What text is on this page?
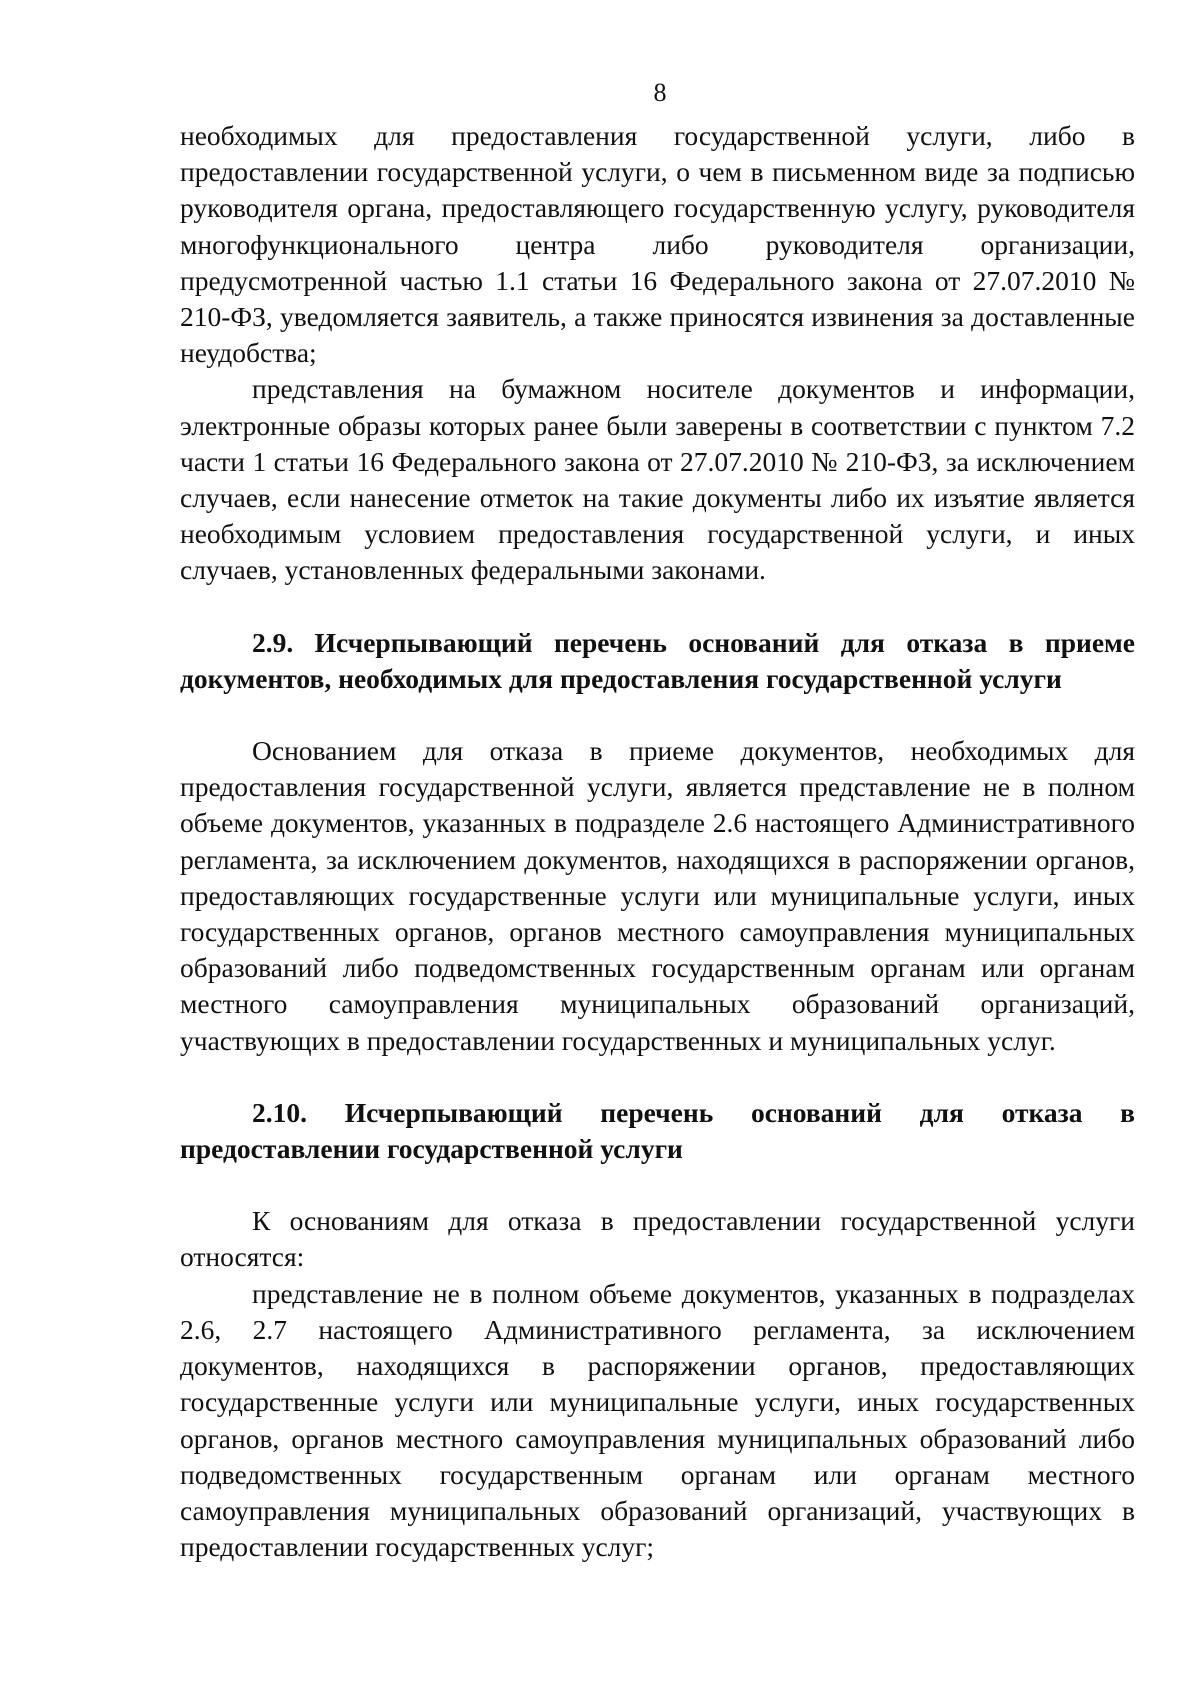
8

необходимых для предоставления государственной услуги, либо в предоставлении государственной услуги, о чем в письменном виде за подписью руководителя органа, предоставляющего государственную услугу, руководителя многофункционального центра либо руководителя организации, предусмотренной частью 1.1 статьи 16 Федерального закона от 27.07.2010 № 210-ФЗ, уведомляется заявитель, а также приносятся извинения за доставленные неудобства;

представления на бумажном носителе документов и информации, электронные образы которых ранее были заверены в соответствии с пунктом 7.2 части 1 статьи 16 Федерального закона от 27.07.2010 № 210-ФЗ, за исключением случаев, если нанесение отметок на такие документы либо их изъятие является необходимым условием предоставления государственной услуги, и иных случаев, установленных федеральными законами.

2.9. Исчерпывающий перечень оснований для отказа в приеме документов, необходимых для предоставления государственной услуги

Основанием для отказа в приеме документов, необходимых для предоставления государственной услуги, является представление не в полном объеме документов, указанных в подразделе 2.6 настоящего Административного регламента, за исключением документов, находящихся в распоряжении органов, предоставляющих государственные услуги или муниципальные услуги, иных государственных органов, органов местного самоуправления муниципальных образований либо подведомственных государственным органам или органам местного самоуправления муниципальных образований организаций, участвующих в предоставлении государственных и муниципальных услуг.

2.10. Исчерпывающий перечень оснований для отказа в предоставлении государственной услуги

К основаниям для отказа в предоставлении государственной услуги относятся:

представление не в полном объеме документов, указанных в подразделах 2.6, 2.7 настоящего Административного регламента, за исключением документов, находящихся в распоряжении органов, предоставляющих государственные услуги или муниципальные услуги, иных государственных органов, органов местного самоуправления муниципальных образований либо подведомственных государственным органам или органам местного самоуправления муниципальных образований организаций, участвующих в предоставлении государственных услуг;
